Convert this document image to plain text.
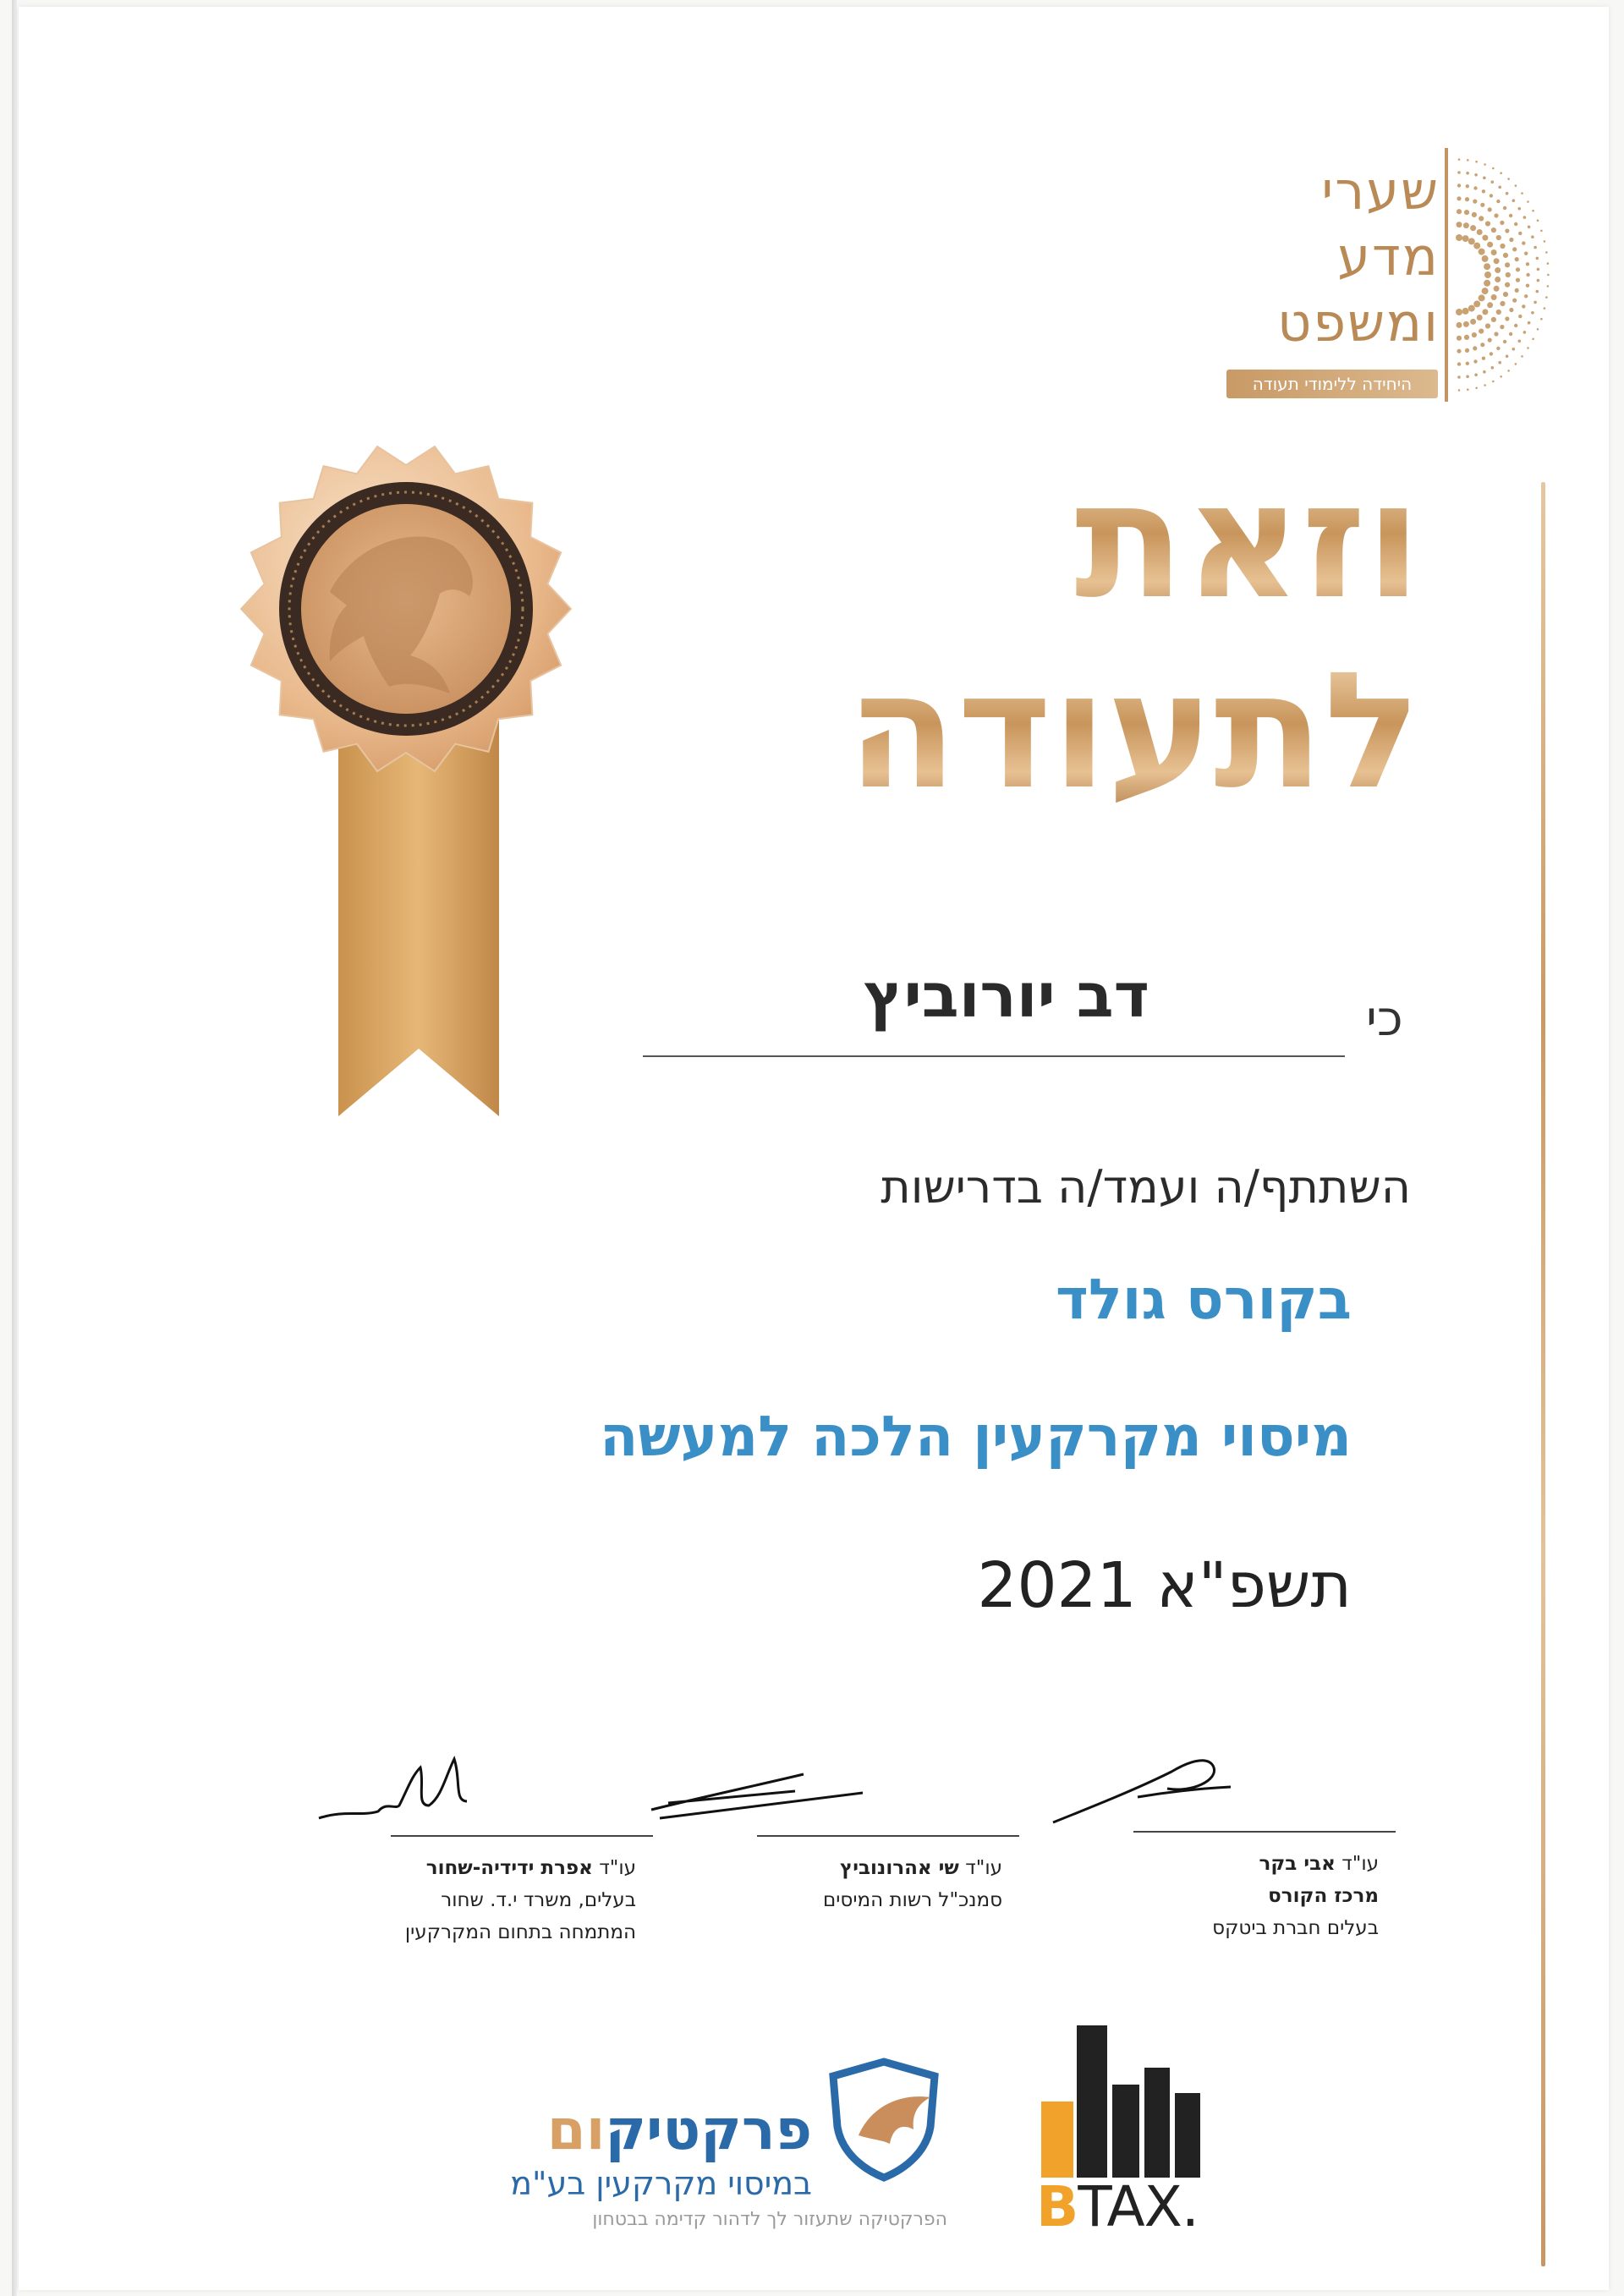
שערי
מדע
ומשפט
היחידה ללימודי תעודה
וזאת
לתעודה
כי
דב יורוביץ
השתתף/ה ועמד/ה בדרישות
בקורס גולד
מיסוי מקרקעין הלכה למעשה
תשפ"א 2021
עו"ד אבי בקר
מרכז הקורס
בעלים חברת ביטקס
עו"ד שי אהרונוביץ
סמנכ"ל רשות המיסים
עו"ד אפרת ידידיה-שחור
בעלים, משרד י.ד. שחור
המתמחה בתחום המקרקעין
פרקטיקום
במיסוי מקרקעין בע"מ
הפרקטיקה שתעזור לך לדהור קדימה בבטחון BTAX.
